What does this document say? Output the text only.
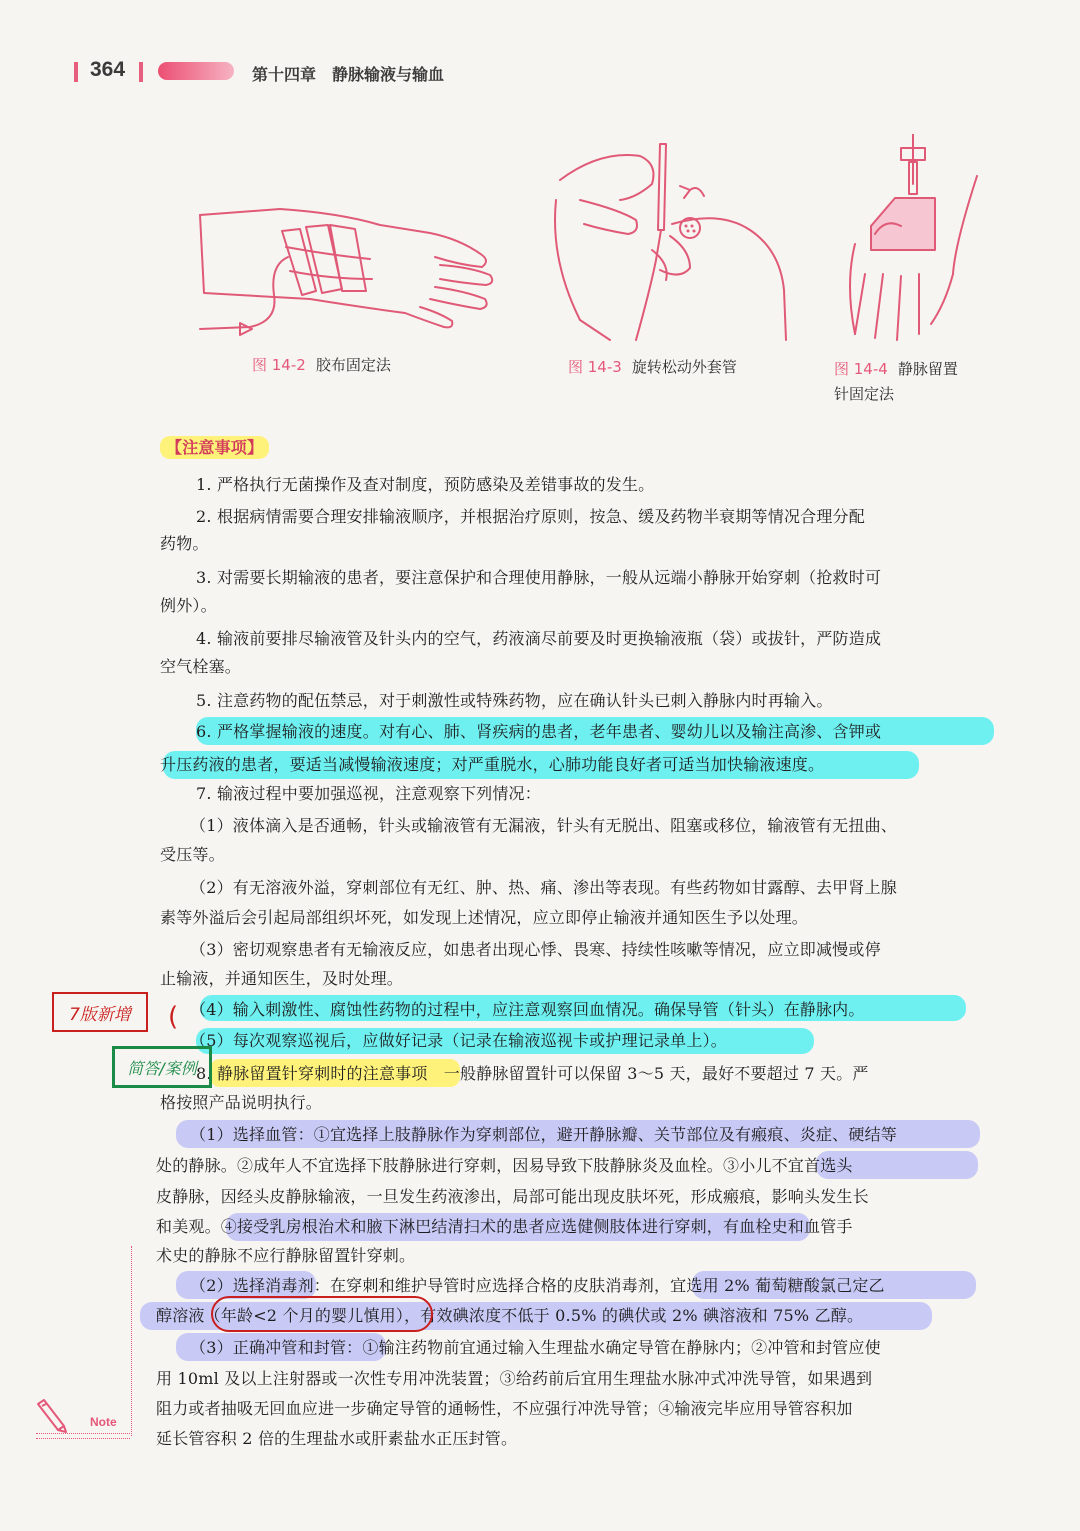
364	第十四章　静脉输液与输血
图 14-2 胶布固定法	图 14-3 旋转松动外套管	图 14-4 静脉留置
针固定法
【注意事项】
1. 严格执行无菌操作及查对制度，预防感染及差错事故的发生。
2. 根据病情需要合理安排输液顺序，并根据治疗原则，按急、缓及药物半衰期等情况合理分配
药物。
3. 对需要长期输液的患者，要注意保护和合理使用静脉，一般从远端小静脉开始穿刺（抢救时可
例外）。
4. 输液前要排尽输液管及针头内的空气，药液滴尽前要及时更换输液瓶（袋）或拔针，严防造成
空气栓塞。
5. 注意药物的配伍禁忌，对于刺激性或特殊药物，应在确认针头已刺入静脉内时再输入。
6. 严格掌握输液的速度。对有心、肺、肾疾病的患者，老年患者、婴幼儿以及输注高渗、含钾或
升压药液的患者，要适当减慢输液速度；对严重脱水，心肺功能良好者可适当加快输液速度。
7. 输液过程中要加强巡视，注意观察下列情况：
（1）液体滴入是否通畅，针头或输液管有无漏液，针头有无脱出、阻塞或移位，输液管有无扭曲、
受压等。
（2）有无溶液外溢，穿刺部位有无红、肿、热、痛、渗出等表现。有些药物如甘露醇、去甲肾上腺
素等外溢后会引起局部组织坏死，如发现上述情况，应立即停止输液并通知医生予以处理。
（3）密切观察患者有无输液反应，如患者出现心悸、畏寒、持续性咳嗽等情况，应立即减慢或停
止输液，并通知医生，及时处理。
（4）输入刺激性、腐蚀性药物的过程中，应注意观察回血情况。确保导管（针头）在静脉内。
（5）每次观察巡视后，应做好记录（记录在输液巡视卡或护理记录单上）。
8. 静脉留置针穿刺时的注意事项　一般静脉留置针可以保留 3～5 天，最好不要超过 7 天。严
格按照产品说明执行。
（1）选择血管：①宜选择上肢静脉作为穿刺部位，避开静脉瓣、关节部位及有瘢痕、炎症、硬结等
处的静脉。②成年人不宜选择下肢静脉进行穿刺，因易导致下肢静脉炎及血栓。③小儿不宜首选头
皮静脉，因经头皮静脉输液，一旦发生药液渗出，局部可能出现皮肤坏死，形成瘢痕，影响头发生长
和美观。④接受乳房根治术和腋下淋巴结清扫术的患者应选健侧肢体进行穿刺，有血栓史和血管手
术史的静脉不应行静脉留置针穿刺。
（2）选择消毒剂：在穿刺和维护导管时应选择合格的皮肤消毒剂，宜选用 2% 葡萄糖酸氯己定乙
醇溶液（年龄<2 个月的婴儿慎用），有效碘浓度不低于 0.5% 的碘伏或 2% 碘溶液和 75% 乙醇。
（3）正确冲管和封管：①输注药物前宜通过输入生理盐水确定导管在静脉内；②冲管和封管应使
用 10ml 及以上注射器或一次性专用冲洗装置；③给药前后宜用生理盐水脉冲式冲洗导管，如果遇到
阻力或者抽吸无回血应进一步确定导管的通畅性，不应强行冲洗导管；④输液完毕应用导管容积加
延长管容积 2 倍的生理盐水或肝素盐水正压封管。
7版新增	(
简答/案例
Note
